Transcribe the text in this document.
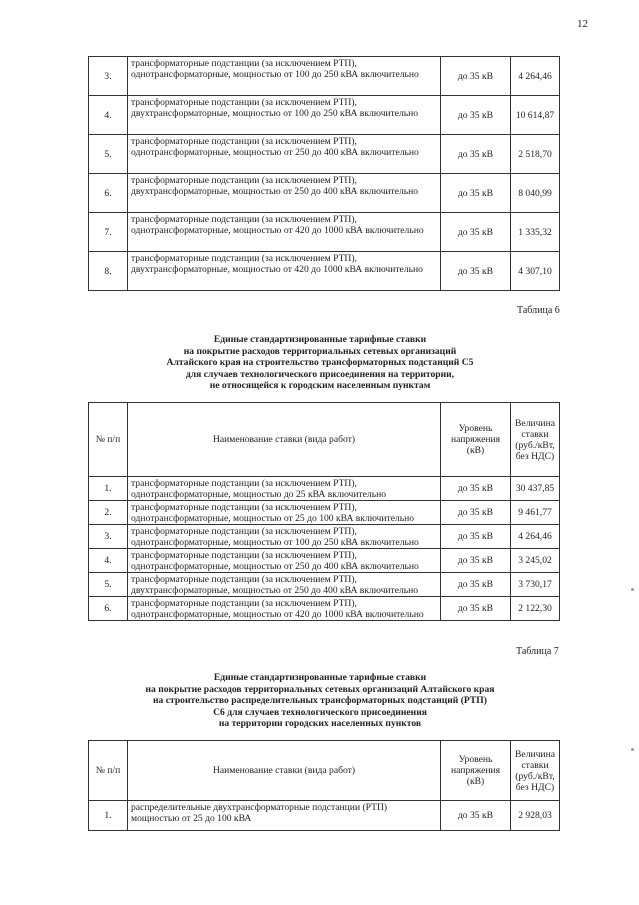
12
3.	трансформаторные подстанции (за исключением РТП), однотрансформаторные, мощностью от 100 до 250 кВА включительно	до 35 кВ	4 264,46
4.	трансформаторные подстанции (за исключением РТП), двухтрансформаторные, мощностью от 100 до 250 кВА включительно	до 35 кВ	10 614,87
5.	трансформаторные подстанции (за исключением РТП), однотрансформаторные, мощностью от 250 до 400 кВА включительно	до 35 кВ	2 518,70
6.	трансформаторные подстанции (за исключением РТП), двухтрансформаторные, мощностью от 250 до 400 кВА включительно	до 35 кВ	8 040,99
7.	трансформаторные подстанции (за исключением РТП), однотрансформаторные, мощностью от 420 до 1000 кВА включительно	до 35 кВ	1 335,32
8.	трансформаторные подстанции (за исключением РТП), двухтрансформаторные, мощностью от 420 до 1000 кВА включительно	до 35 кВ	4 307,10
Таблица 6
Единые стандартизированные тарифные ставки
на покрытие расходов территориальных сетевых организаций
Алтайского края на строительство трансформаторных подстанций С5
для случаев технологического присоединения на территории,
не относящейся к городским населенным пунктам
№ п/п	Наименование ставки (вида работ)	Уровень напряжения (кВ)	Величина ставки (руб./кВт, без НДС)
1.	трансформаторные подстанции (за исключением РТП), однотрансформаторные, мощностью до 25 кВА включительно	до 35 кВ	30 437,85
2.	трансформаторные подстанции (за исключением РТП), однотрансформаторные, мощностью от 25 до 100 кВА включительно	до 35 кВ	9 461,77
3.	трансформаторные подстанции (за исключением РТП), однотрансформаторные, мощностью от 100 до 250 кВА включительно	до 35 кВ	4 264,46
4.	трансформаторные подстанции (за исключением РТП), однотрансформаторные, мощностью от 250 до 400 кВА включительно	до 35 кВ	3 245,02
5.	трансформаторные подстанции (за исключением РТП), двухтрансформаторные, мощностью от 250 до 400 кВА включительно	до 35 кВ	3 730,17
6.	трансформаторные подстанции (за исключением РТП), однотрансформаторные, мощностью от 420 до 1000 кВА включительно	до 35 кВ	2 122,30
Таблица 7
Единые стандартизированные тарифные ставки
на покрытие расходов территориальных сетевых организаций Алтайского края
на строительство распределительных трансформаторных подстанций (РТП)
С6 для случаев технологического присоединения
на территории городских населенных пунктов
№ п/п	Наименование ставки (вида работ)	Уровень напряжения (кВ)	Величина ставки (руб./кВт, без НДС)
1.	распределительные двухтрансформаторные подстанции (РТП) мощностью от 25 до 100 кВА	до 35 кВ	2 928,03
